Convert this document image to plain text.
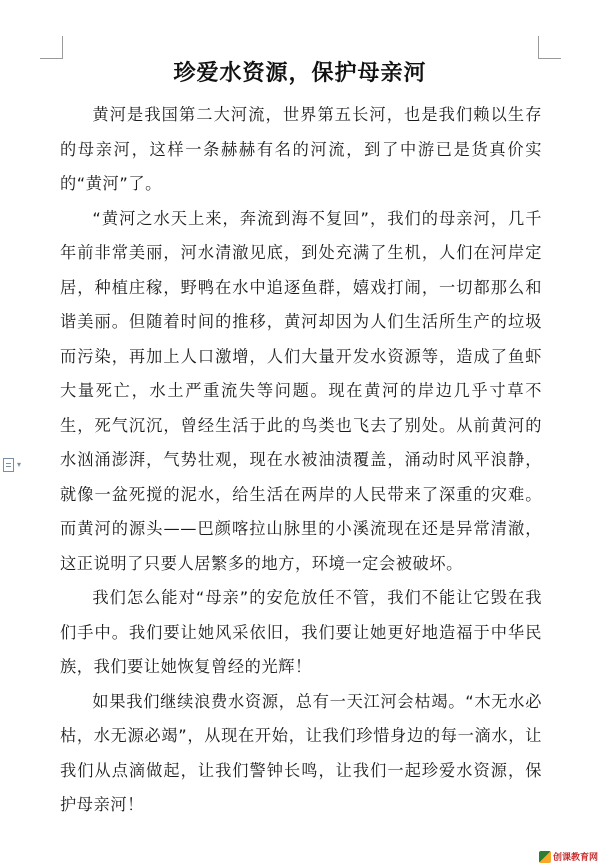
珍爱水资源，保护母亲河

黄河是我国第二大河流，世界第五长河，也是我们赖以生存的母亲河，这样一条赫赫有名的河流，到了中游已是货真价实的“黄河”了。

“黄河之水天上来，奔流到海不复回”，我们的母亲河，几千年前非常美丽，河水清澈见底，到处充满了生机，人们在河岸定居，种植庄稼，野鸭在水中追逐鱼群，嬉戏打闹，一切都那么和谐美丽。但随着时间的推移，黄河却因为人们生活所生产的垃圾而污染，再加上人口激增，人们大量开发水资源等，造成了鱼虾大量死亡，水土严重流失等问题。现在黄河的岸边几乎寸草不生，死气沉沉，曾经生活于此的鸟类也飞去了别处。从前黄河的水汹涌澎湃，气势壮观，现在水被油渍覆盖，涌动时风平浪静，就像一盆死搅的泥水，给生活在两岸的人民带来了深重的灾难。而黄河的源头——巴颜喀拉山脉里的小溪流现在还是异常清澈，这正说明了只要人居繁多的地方，环境一定会被破坏。

我们怎么能对“母亲”的安危放任不管，我们不能让它毁在我们手中。我们要让她风采依旧，我们要让她更好地造福于中华民族，我们要让她恢复曾经的光辉！

如果我们继续浪费水资源，总有一天江河会枯竭。“木无水必枯，水无源必竭”，从现在开始，让我们珍惜身边的每一滴水，让我们从点滴做起，让我们警钟长鸣，让我们一起珍爱水资源，保护母亲河！

▾
创课教育网
